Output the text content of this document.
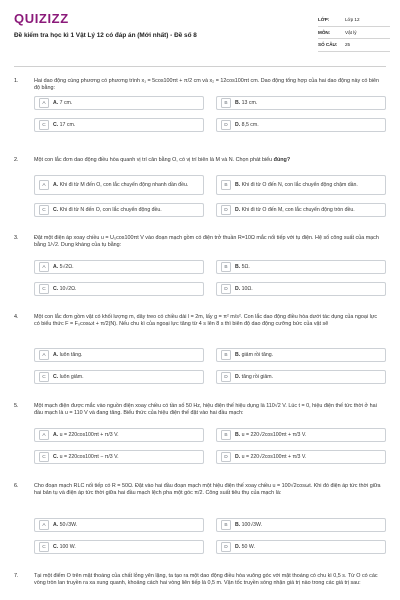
QUIZIZZ
Đề kiểm tra học kì 1 Vật Lý 12 có đáp án (Mới nhất) - Đề số 8
LỚP:	Lớp 12
MÔN:	Vật lý
SỐ CÂU:	25
1.	Hai dao động cùng phương có phương trình x₁ = 5cos100πt + π/2 cm và x₂ = 12cos100πt cm. Dao động tổng hợp của hai dao động này có biên độ bằng:
A	A. 7 cm.	B	B. 13 cm.
C	C. 17 cm.	D	D. 8,5 cm.
2.	Một con lắc đơn dao động điều hòa quanh vị trí cân bằng O, có vị trí biên là M và N. Chọn phát biểu đúng?
A	A. Khi đi từ M đến O, con lắc chuyển động nhanh dần đều.	B	B. Khi đi từ O đến N, con lắc chuyển động chậm dần.
C	C. Khi đi từ N đến O, con lắc chuyển động đều.	D	D. Khi đi từ O đến M, con lắc chuyển động tròn đều.
3.	Đặt một điện áp xoay chiều u = U₀cos100πt V vào đoạn mạch gồm có điện trở thuần R=10Ω mắc nối tiếp với tụ điện. Hệ số công suất của mạch bằng 1/√2. Dung kháng của tụ bằng:
A	A. 5√2Ω.	B	B. 5Ω.
C	C. 10√2Ω.	D	D. 10Ω.
4.	Một con lắc đơn gồm vật có khối lượng m, dây treo có chiều dài l = 2m, lấy g = π² m/s². Con lắc dao động điều hòa dưới tác dụng của ngoại lực có biểu thức F = F₀cosωt + π/2(N). Nếu chu kì của ngoại lực tăng từ 4 s lên 8 s thì biên độ dao động cưỡng bức của vật sẽ
A	A. luôn tăng.	B	B. giảm rồi tăng.
C	C. luôn giảm.	D	D. tăng rồi giảm.
5.	Một mạch điện được mắc vào nguồn điện xoay chiều có tần số 50 Hz, hiệu điện thế hiệu dụng là 110√2 V. Lúc t = 0, hiệu điện thế tức thời ở hai đầu mạch là u = 110 V và đang tăng. Biểu thức của hiệu điện thế đặt vào hai đầu mạch:
A	A. u = 220cos100πt + π/3 V.	B	B. u = 220√2cos100πt + π/3 V.
C	C. u = 220cos100πt − π/3 V.	D	D. u = 220√2cos100πt + π/3 V.
6.	Cho đoạn mạch RLC nối tiếp có R = 50Ω. Đặt vào hai đầu đoạn mạch một hiệu điện thế xoay chiều u = 100√2cosωt. Khi đó điện áp tức thời giữa hai bản tụ và điện áp tức thời giữa hai đầu mạch lệch pha một góc π/2. Công suất tiêu thụ của mạch là:
A	A. 50√3W.	B	B. 100√3W.
C	C. 100 W.	D	D. 50 W.
7.	Tại một điểm O trên mặt thoáng của chất lỏng yên lặng, ta tạo ra một dao động điều hòa vuông góc với mặt thoáng có chu kì 0,5 s. Từ O có các vòng tròn lan truyền ra xa xung quanh, khoảng cách hai vòng liên tiếp là 0,5 m. Vận tốc truyền sóng nhận giá trị nào trong các giá trị sau:
